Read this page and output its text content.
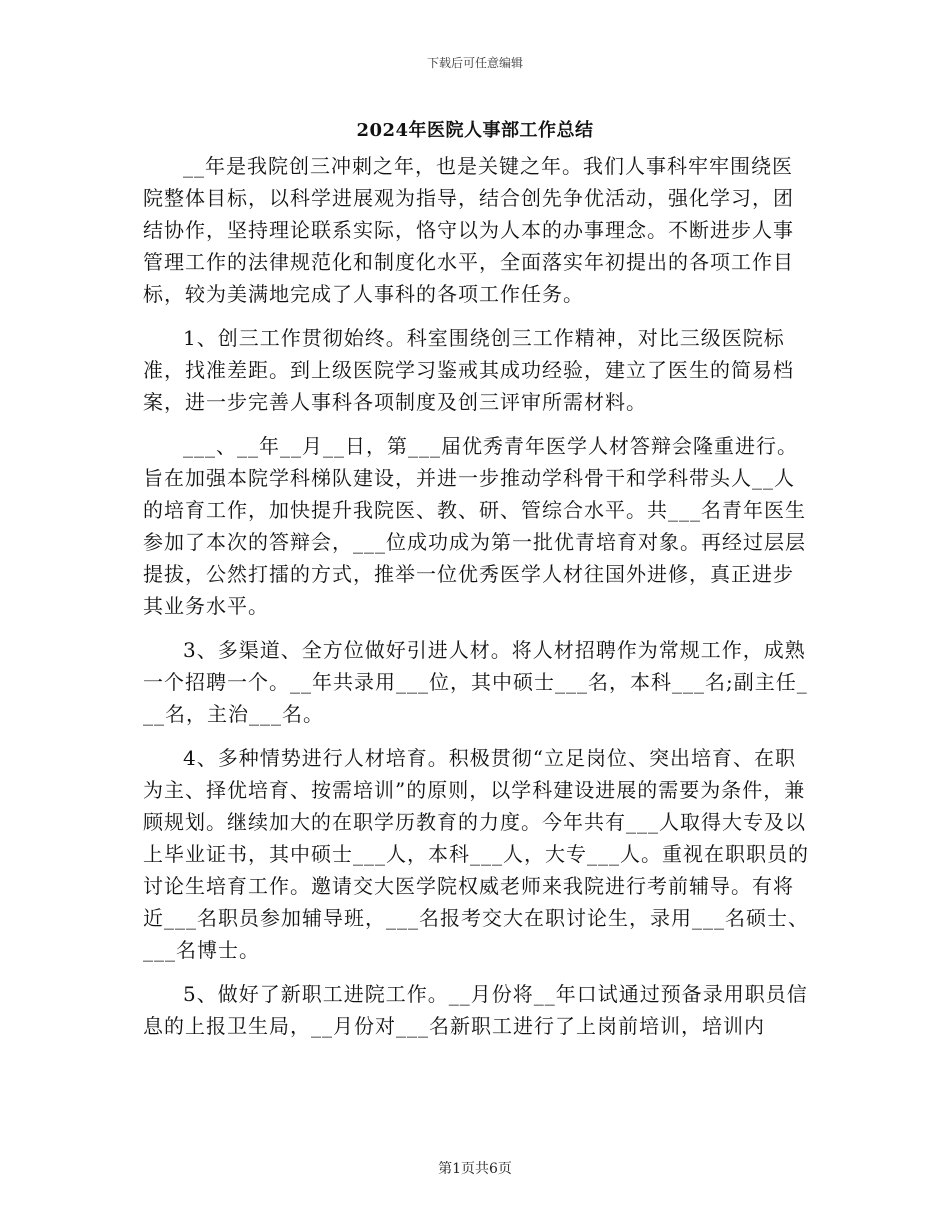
下载后可任意编辑
2024年医院人事部工作总结

__年是我院创三冲刺之年，也是关键之年。我们人事科牢牢围绕医院整体目标，以科学进展观为指导，结合创先争优活动，强化学习，团结协作，坚持理论联系实际，恪守以为人本的办事理念。不断进步人事管理工作的法律规范化和制度化水平，全面落实年初提出的各项工作目标，较为美满地完成了人事科的各项工作任务。

1、创三工作贯彻始终。科室围绕创三工作精神，对比三级医院标准，找准差距。到上级医院学习鉴戒其成功经验，建立了医生的简易档案，进一步完善人事科各项制度及创三评审所需材料。

___、__年__月__日，第___届优秀青年医学人材答辩会隆重进行。旨在加强本院学科梯队建设，并进一步推动学科骨干和学科带头人__人的培育工作，加快提升我院医、教、研、管综合水平。共___名青年医生参加了本次的答辩会，___位成功成为第一批优青培育对象。再经过层层提拔，公然打擂的方式，推举一位优秀医学人材往国外进修，真正进步其业务水平。

3、多渠道、全方位做好引进人材。将人材招聘作为常规工作，成熟一个招聘一个。__年共录用___位，其中硕士___名，本科___名;副主任___名，主治___名。

4、多种情势进行人材培育。积极贯彻“立足岗位、突出培育、在职为主、择优培育、按需培训”的原则，以学科建设进展的需要为条件，兼顾规划。继续加大的在职学历教育的力度。今年共有___人取得大专及以上毕业证书，其中硕士___人，本科___人，大专___人。重视在职职员的讨论生培育工作。邀请交大医学院权威老师来我院进行考前辅导。有将近___名职员参加辅导班，___名报考交大在职讨论生，录用___名硕士、___名博士。

5、做好了新职工进院工作。__月份将__年口试通过预备录用职员信息的上报卫生局，__月份对___名新职工进行了上岗前培训，培训内

第1页共6页
